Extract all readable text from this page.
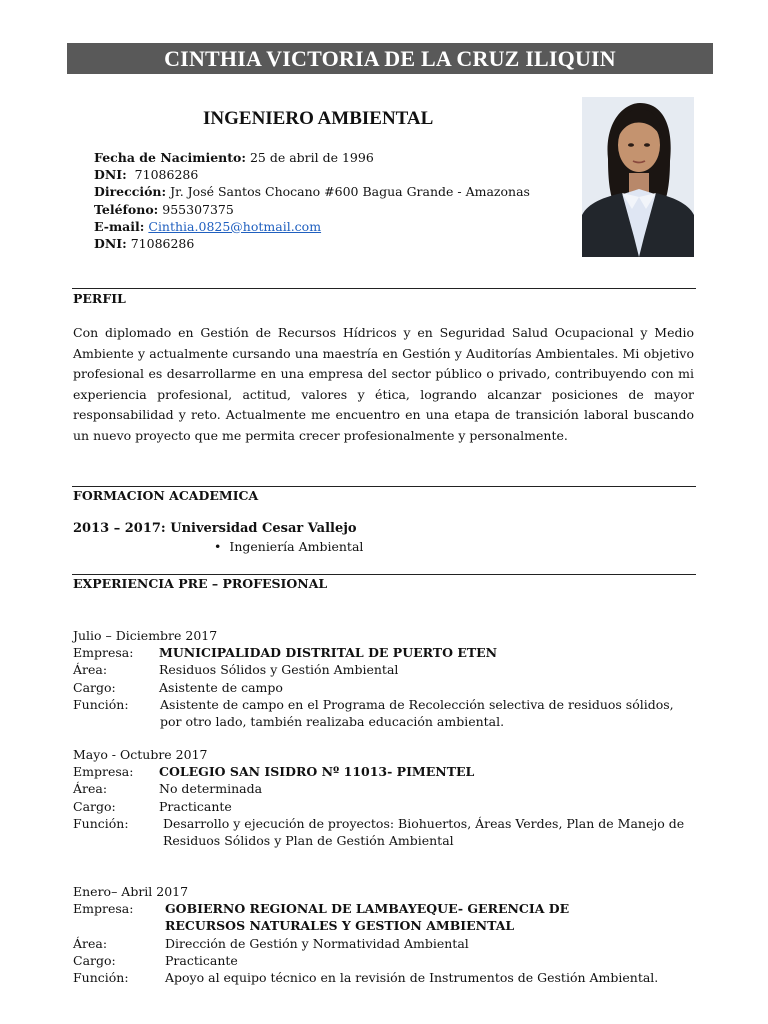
CINTHIA VICTORIA DE LA CRUZ ILIQUIN
INGENIERO AMBIENTAL
Fecha de Nacimiento: 25 de abril de 1996
DNI:  71086286
Dirección: Jr. José Santos Chocano #600 Bagua Grande - Amazonas
Teléfono: 955307375
E-mail: Cinthia.0825@hotmail.com
DNI: 71086286
PERFIL
Con diplomado en Gestión de Recursos Hídricos y en Seguridad Salud Ocupacional y Medio Ambiente y actualmente cursando una maestría en Gestión y Auditorías Ambientales. Mi objetivo profesional es desarrollarme en una empresa del sector público o privado, contribuyendo con mi experiencia profesional, actitud, valores y ética, logrando alcanzar posiciones de mayor responsabilidad y reto. Actualmente me encuentro en una etapa de transición laboral buscando un nuevo proyecto que me permita crecer profesionalmente y personalmente.
FORMACION ACADEMICA
2013 – 2017: Universidad Cesar Vallejo
• Ingeniería Ambiental
EXPERIENCIA PRE – PROFESIONAL
Julio – Diciembre 2017
Empresa:	MUNICIPALIDAD DISTRITAL DE PUERTO ETEN
Área:	Residuos Sólidos y Gestión Ambiental
Cargo:	Asistente de campo
Función:	Asistente de campo en el Programa de Recolección selectiva de residuos sólidos, por otro lado, también realizaba educación ambiental.
Mayo - Octubre 2017
Empresa:	COLEGIO SAN ISIDRO Nº 11013- PIMENTEL
Área:	No determinada
Cargo:	Practicante
Función:	Desarrollo y ejecución de proyectos: Biohuertos, Áreas Verdes, Plan de Manejo de Residuos Sólidos y Plan de Gestión Ambiental
Enero– Abril 2017
Empresa:	GOBIERNO REGIONAL DE LAMBAYEQUE- GERENCIA DE RECURSOS NATURALES Y GESTION AMBIENTAL
Área:	Dirección de Gestión y Normatividad Ambiental
Cargo:	Practicante
Función:	Apoyo al equipo técnico en la revisión de Instrumentos de Gestión Ambiental.
